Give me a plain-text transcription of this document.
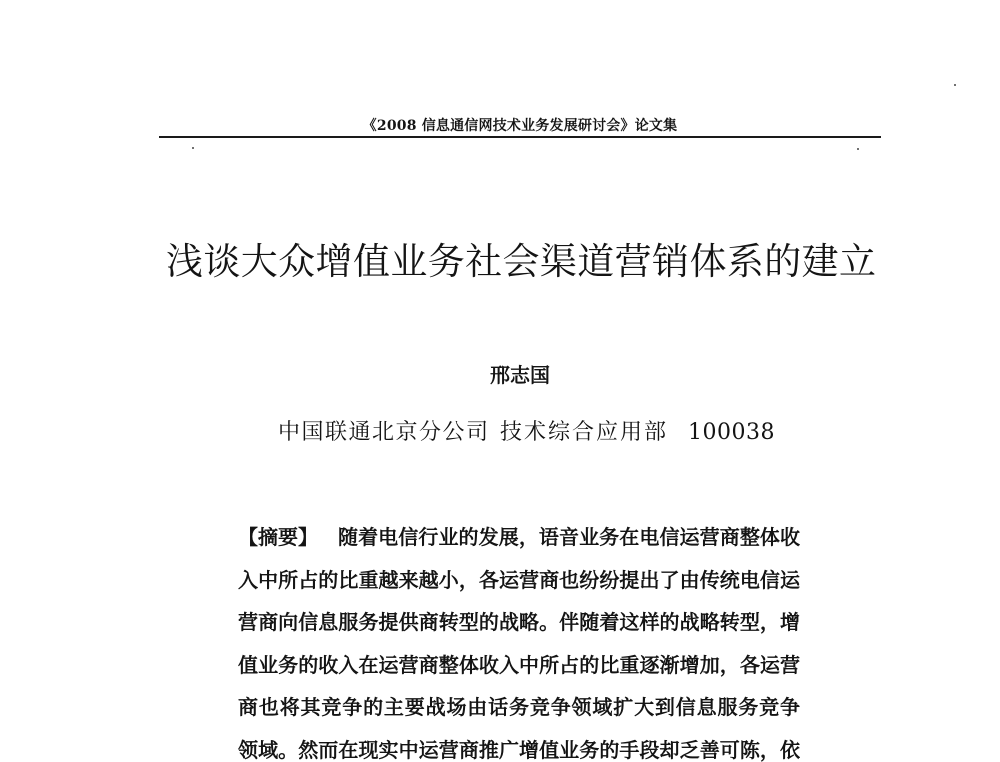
《2008 信息通信网技术业务发展研讨会》论文集
浅谈大众增值业务社会渠道营销体系的建立
邢志国
中国联通北京分公司 技术综合应用部 100038
【摘要】 随着电信行业的发展，语音业务在电信运营商整体收
入中所占的比重越来越小，各运营商也纷纷提出了由传统电信运
营商向信息服务提供商转型的战略。伴随着这样的战略转型，增
值业务的收入在运营商整体收入中所占的比重逐渐增加，各运营
商也将其竞争的主要战场由话务竞争领域扩大到信息服务竞争
领域。然而在现实中运营商推广增值业务的手段却乏善可陈，依
